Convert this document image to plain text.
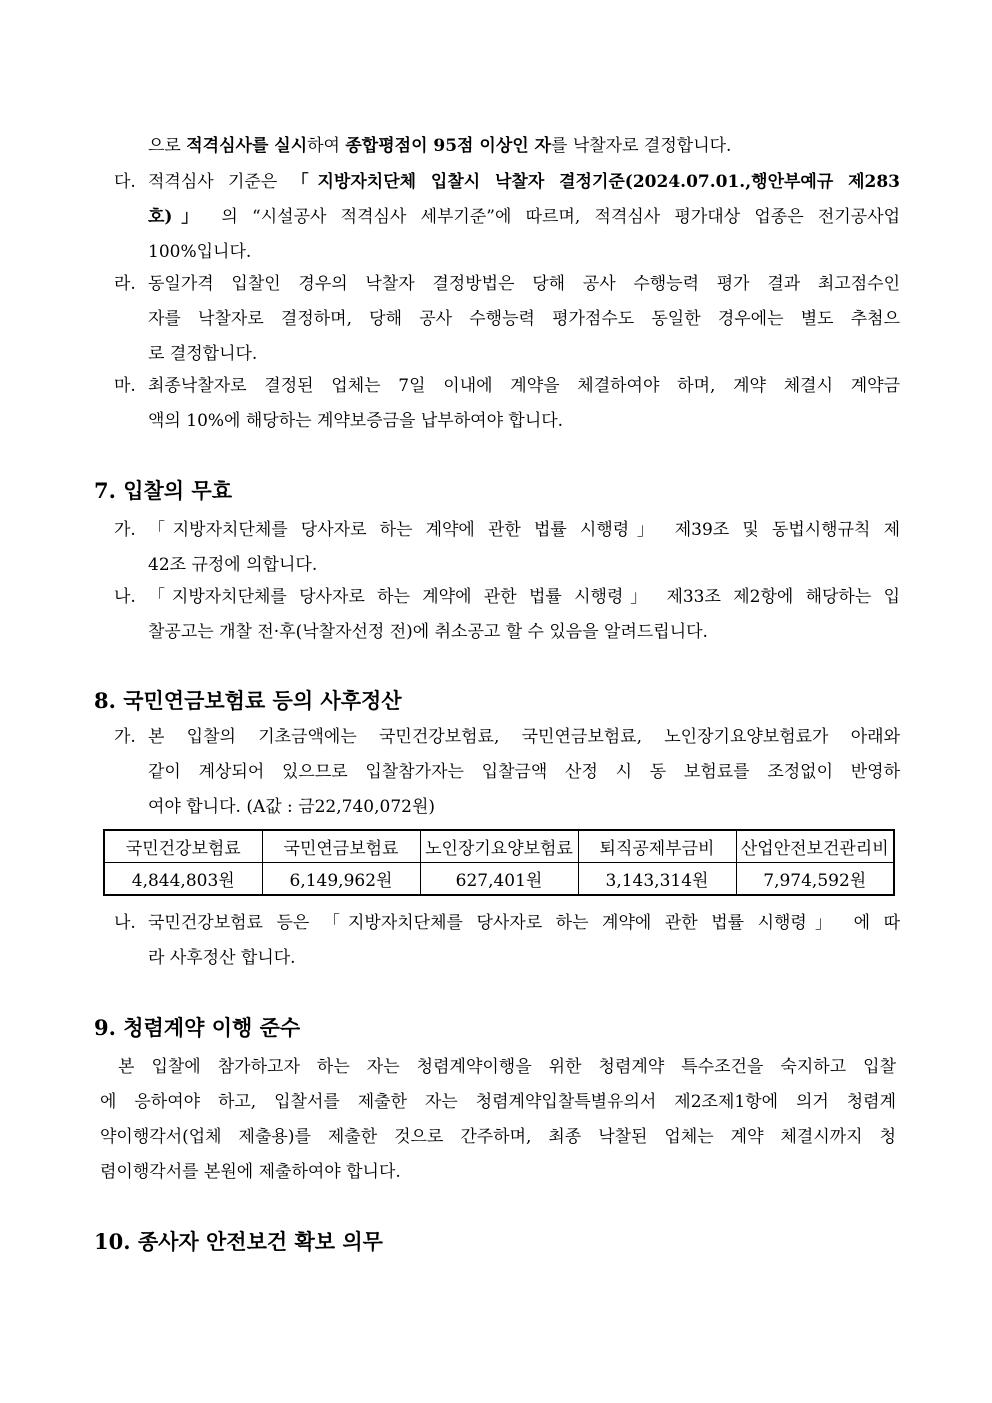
으로 적격심사를 실시하여 종합평점이 95점 이상인 자를 낙찰자로 결정합니다.
다. 적격심사 기준은 「지방자치단체 입찰시 낙찰자 결정기준(2024.07.01.,행안부예규 제283
호)」 의 “시설공사 적격심사 세부기준”에 따르며, 적격심사 평가대상 업종은 전기공사업
100%입니다.
라. 동일가격 입찰인 경우의 낙찰자 결정방법은 당해 공사 수행능력 평가 결과 최고점수인
자를 낙찰자로 결정하며, 당해 공사 수행능력 평가점수도 동일한 경우에는 별도 추첨으
로 결정합니다.
마. 최종낙찰자로 결정된 업체는 7일 이내에 계약을 체결하여야 하며, 계약 체결시 계약금
액의 10%에 해당하는 계약보증금을 납부하여야 합니다.
7. 입찰의 무효
가. 「지방자치단체를 당사자로 하는 계약에 관한 법률 시행령」 제39조 및 동법시행규칙 제
42조 규정에 의합니다.
나. 「지방자치단체를 당사자로 하는 계약에 관한 법률 시행령」 제33조 제2항에 해당하는 입
찰공고는 개찰 전·후(낙찰자선정 전)에 취소공고 할 수 있음을 알려드립니다.
8. 국민연금보험료 등의 사후정산
가. 본 입찰의 기초금액에는 국민건강보험료, 국민연금보험료, 노인장기요양보험료가 아래와
같이 계상되어 있으므로 입찰참가자는 입찰금액 산정 시 동 보험료를 조정없이 반영하
여야 합니다. (A값 : 금22,740,072원)
국민건강보험료	국민연금보험료	노인장기요양보험료	퇴직공제부금비	산업안전보건관리비
4,844,803원	6,149,962원	627,401원	3,143,314원	7,974,592원
나. 국민건강보험료 등은 「지방자치단체를 당사자로 하는 계약에 관한 법률 시행령」 에 따
라 사후정산 합니다.
9. 청렴계약 이행 준수
본 입찰에 참가하고자 하는 자는 청렴계약이행을 위한 청렴계약 특수조건을 숙지하고 입찰
에 응하여야 하고, 입찰서를 제출한 자는 청렴계약입찰특별유의서 제2조제1항에 의거 청렴계
약이행각서(업체 제출용)를 제출한 것으로 간주하며, 최종 낙찰된 업체는 계약 체결시까지 청
렴이행각서를 본원에 제출하여야 합니다.
10. 종사자 안전보건 확보 의무
